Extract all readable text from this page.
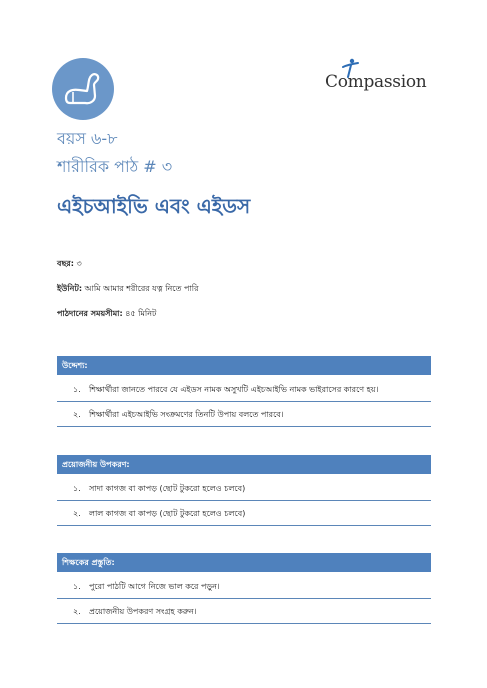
Compassion
বয়স ৬-৮
শারীরিক পাঠ # ৩
এইচআইভি এবং এইডস
বছর: ৩
ইউনিট: আমি আমার শরীরের যত্ন নিতে পারি
পাঠদানের সময়সীমা: ৪৫ মিনিট
উদ্দেশ্য:
১. শিক্ষার্থীরা জানতে পারবে যে এইডস নামক অসুখটি এইচআইভি নামক ভাইরাসের কারণে হয়।
২. শিক্ষার্থীরা এইচআইভি সংক্রমণের তিনটি উপায় বলতে পারবে।
প্রয়োজনীয় উপকরণ:
১. সাদা কাগজ বা কাপড় (ছোট টুকরো হলেও চলবে)
২. লাল কাগজ বা কাপড় (ছোট টুকরো হলেও চলবে)
শিক্ষকের প্রস্তুতি:
১. পুরো পাঠটি আগে নিজে ভাল করে পড়ুন।
২. প্রয়োজনীয় উপকরণ সংগ্রহ করুন।
